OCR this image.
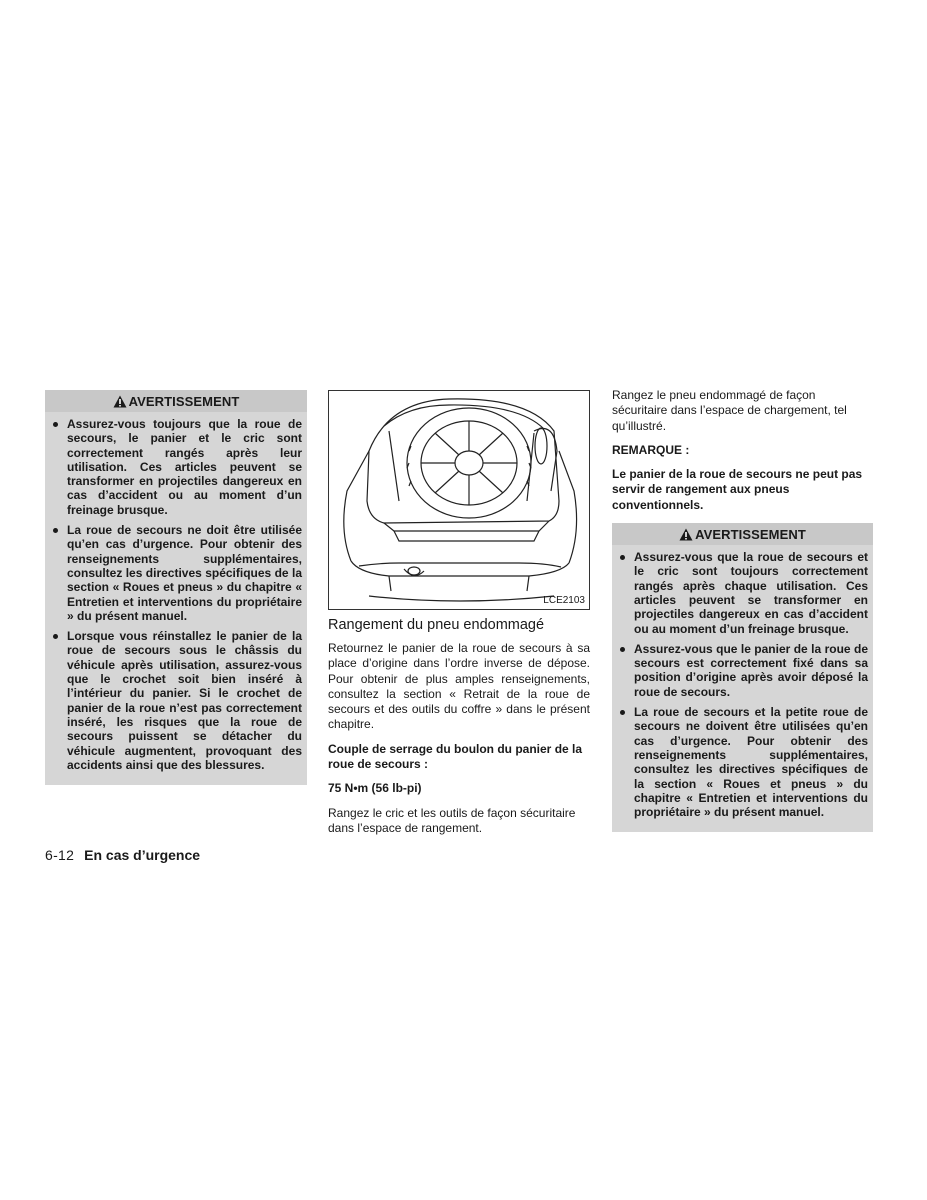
AVERTISSEMENT
Assurez-vous toujours que la roue de secours, le panier et le cric sont correctement rangés après leur utilisation. Ces articles peuvent se transformer en projectiles dangereux en cas d’accident ou au moment d’un freinage brusque.
La roue de secours ne doit être utilisée qu’en cas d’urgence. Pour obtenir des renseignements supplémentaires, consultez les directives spécifiques de la section « Roues et pneus » du chapitre « Entretien et interventions du propriétaire » du présent manuel.
Lorsque vous réinstallez le panier de la roue de secours sous le châssis du véhicule après utilisation, assurez-vous que le crochet soit bien inséré à l’intérieur du panier. Si le crochet de panier de la roue n’est pas correctement inséré, les risques que la roue de secours puissent se détacher du véhicule augmentent, provoquant des accidents ainsi que des blessures.
LCE2103
Rangement du pneu endommagé

Retournez le panier de la roue de secours à sa place d’origine dans l’ordre inverse de dépose. Pour obtenir de plus amples renseignements, consultez la section « Retrait de la roue de secours et des outils du coffre » dans le présent chapitre.

Couple de serrage du boulon du panier de la roue de secours :

75 N•m (56 lb-pi)

Rangez le cric et les outils de façon sécuritaire dans l’espace de rangement.

Rangez le pneu endommagé de façon sécuritaire dans l’espace de chargement, tel qu’illustré.

REMARQUE :

Le panier de la roue de secours ne peut pas servir de rangement aux pneus conventionnels.

AVERTISSEMENT
Assurez-vous que la roue de secours et le cric sont toujours correctement rangés après chaque utilisation. Ces articles peuvent se transformer en projectiles dangereux en cas d’accident ou au moment d’un freinage brusque.
Assurez-vous que le panier de la roue de secours est correctement fixé dans sa position d’origine après avoir déposé la roue de secours.
La roue de secours et la petite roue de secours ne doivent être utilisées qu’en cas d’urgence. Pour obtenir des renseignements supplémentaires, consultez les directives spécifiques de la section « Roues et pneus » du chapitre « Entretien et interventions du propriétaire » du présent manuel.
6-12 En cas d’urgence
